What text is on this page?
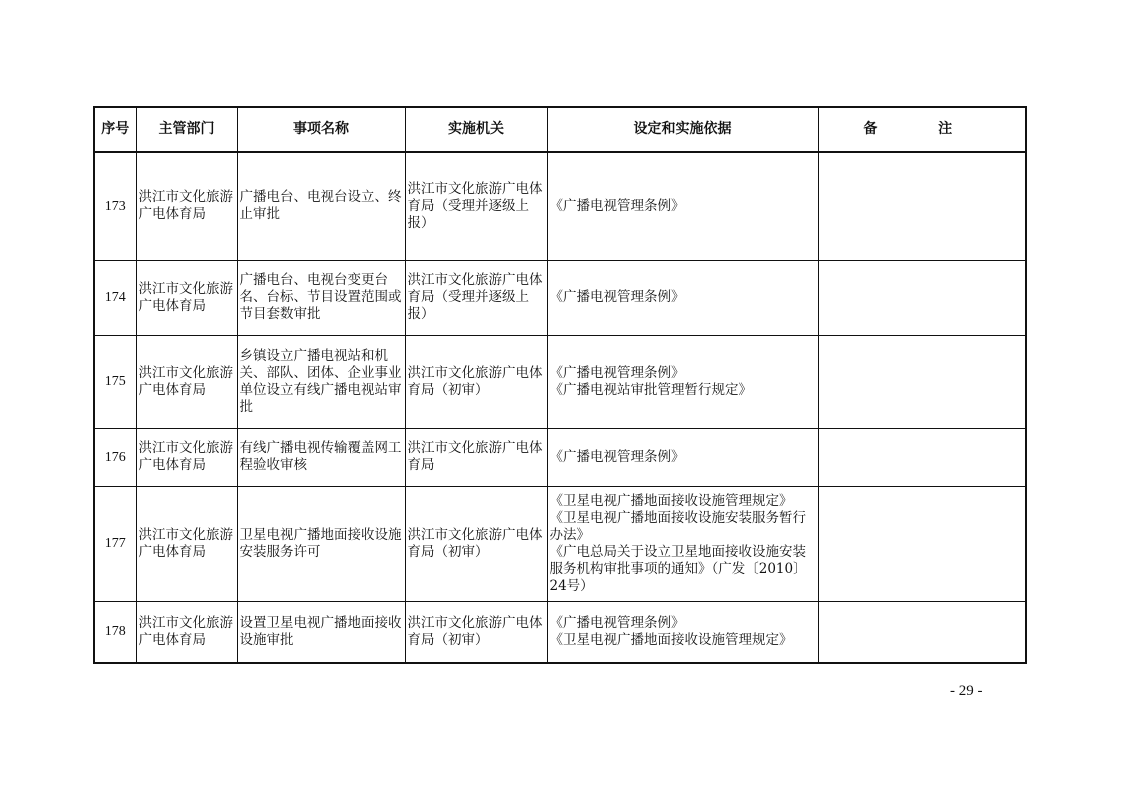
序号	主管部门	事项名称	实施机关	设定和实施依据	备 注
173	洪江市文化旅游广电体育局	广播电台、电视台设立、终止审批	洪江市文化旅游广电体育局（受理并逐级上报）	《广播电视管理条例》	

174	洪江市文化旅游广电体育局	广播电台、电视台变更台名、台标、节目设置范围或节目套数审批	洪江市文化旅游广电体育局（受理并逐级上报）	《广播电视管理条例》	

175	洪江市文化旅游广电体育局	乡镇设立广播电视站和机关、部队、团体、企业事业单位设立有线广播电视站审批	洪江市文化旅游广电体育局（初审）	《广播电视管理条例》
《广播电视站审批管理暂行规定》	

176	洪江市文化旅游广电体育局	有线广播电视传输覆盖网工程验收审核	洪江市文化旅游广电体育局	《广播电视管理条例》	

177	洪江市文化旅游广电体育局	卫星电视广播地面接收设施安装服务许可	洪江市文化旅游广电体育局（初审）	《卫星电视广播地面接收设施管理规定》
《卫星电视广播地面接收设施安装服务暂行办法》
《广电总局关于设立卫星地面接收设施安装服务机构审批事项的通知》（广发〔2010〕24号）	

178	洪江市文化旅游广电体育局	设置卫星电视广播地面接收设施审批	洪江市文化旅游广电体育局（初审）	《广播电视管理条例》
《卫星电视广播地面接收设施管理规定》	

- 29 -
